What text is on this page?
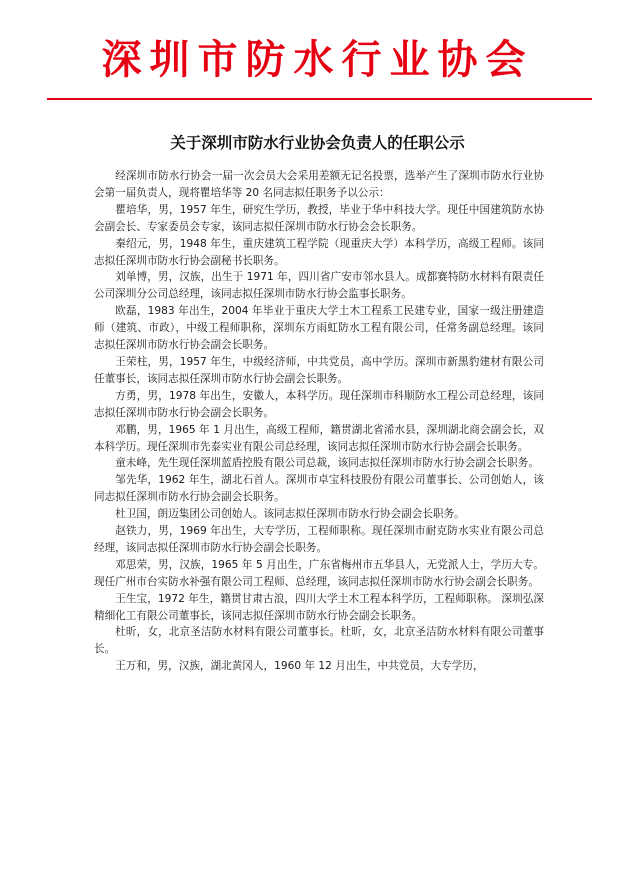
深圳市防水行业协会
关于深圳市防水行业协会负责人的任职公示

经深圳市防水行协会一届一次会员大会采用差额无记名投票，选举产生了深圳市防水行业协会第一届负责人，现将瞿培华等 20 名同志拟任职务予以公示：

瞿培华，男，1957 年生，研究生学历，教授，毕业于华中科技大学。现任中国建筑防水协会副会长、专家委员会专家，该同志拟任深圳市防水行协会会长职务。

秦绍元，男，1948 年生，重庆建筑工程学院（现重庆大学）本科学历，高级工程师。该同志拟任深圳市防水行协会副秘书长职务。

刘单博，男，汉族，出生于 1971 年，四川省广安市邻水县人。成都赛特防水材料有限责任公司深圳分公司总经理，该同志拟任深圳市防水行协会监事长职务。

欧磊，1983 年出生，2004 年毕业于重庆大学土木工程系工民建专业，国家一级注册建造师（建筑、市政），中级工程师职称，深圳东方雨虹防水工程有限公司，任常务副总经理。该同志拟任深圳市防水行协会副会长职务。

王荣柱，男，1957 年生，中级经济师，中共党员，高中学历。深圳市新黑豹建材有限公司任董事长，该同志拟任深圳市防水行协会副会长职务。

方勇，男，1978 年出生，安徽人，本科学历。现任深圳市科顺防水工程公司总经理，该同志拟任深圳市防水行协会副会长职务。

邓鹏，男，1965 年 1 月出生，高级工程师，籍贯湖北省浠水县，深圳湖北商会副会长，双本科学历。现任深圳市先泰实业有限公司总经理，该同志拟任深圳市防水行协会副会长职务。

童未峰，先生现任深圳蓝盾控股有限公司总裁，该同志拟任深圳市防水行协会副会长职务。

邹先华，1962 年生，湖北石首人。深圳市卓宝科技股份有限公司董事长、公司创始人，该同志拟任深圳市防水行协会副会长职务。

杜卫国，朗迈集团公司创始人。该同志拟任深圳市防水行协会副会长职务。

赵铁力，男，1969 年出生，大专学历，工程师职称。现任深圳市耐克防水实业有限公司总经理，该同志拟任深圳市防水行协会副会长职务。

邓思荣，男，汉族，1965 年 5 月出生，广东省梅州市五华县人，无党派人士，学历大专。现任广州市台实防水补强有限公司工程师、总经理，该同志拟任深圳市防水行协会副会长职务。

王生宝，1972 年生，籍贯甘肃古浪，四川大学土木工程本科学历，工程师职称。 深圳弘深精细化工有限公司董事长，该同志拟任深圳市防水行协会副会长职务。

杜昕，女，北京圣洁防水材料有限公司董事长。杜昕，女，北京圣洁防水材料有限公司董事长。

王万和，男，汉族，湖北黄冈人，1960 年 12 月出生，中共党员，大专学历，
